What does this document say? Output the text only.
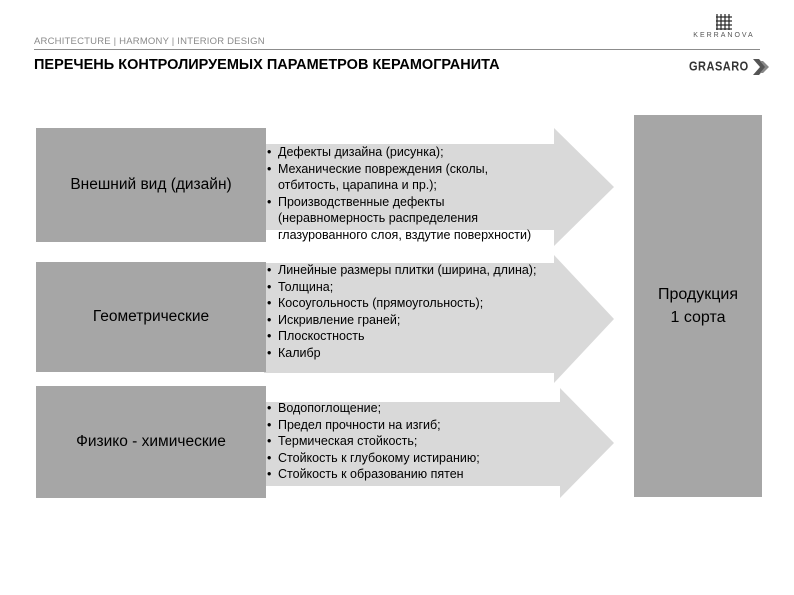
ARCHITECTURE | HARMONY | INTERIOR DESIGN
ПЕРЕЧЕНЬ КОНТРОЛИРУЕМЫХ ПАРАМЕТРОВ КЕРАМОГРАНИТА
KERRANOVA
GRASARO
Внешний вид (дизайн)
• Дефекты дизайна (рисунка);
• Механические повреждения (сколы,
отбитость, царапина и пр.);
• Производственные дефекты
(неравномерность распределения
глазурованного слоя, вздутие поверхности)
Геометрические
• Линейные размеры плитки (ширина, длина);
• Толщина;
• Косоугольность (прямоугольность);
• Искривление граней;
• Плоскостность
• Калибр
Физико - химические
• Водопоглощение;
• Предел прочности на изгиб;
• Термическая стойкость;
• Стойкость к глубокому истиранию;
• Стойкость к образованию пятен
Продукция
1 сорта
